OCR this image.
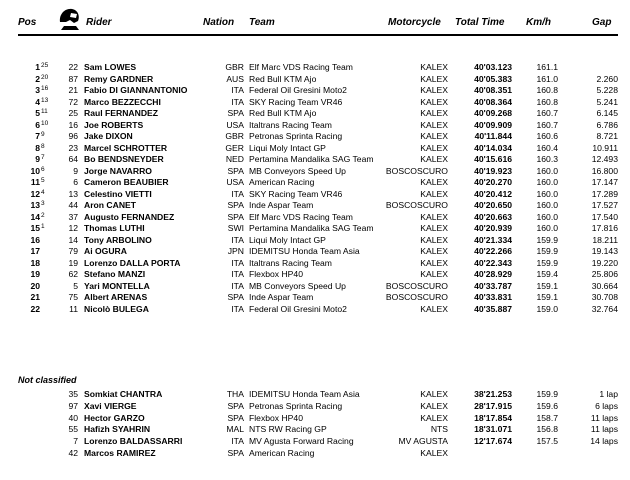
Pos	Rider	Nation Team	Motorcycle Total Time Km/h	Gap
1 25	22 Sam LOWES	GBR Elf Marc VDS Racing Team	KALEX	40'03.123	161.1
2 20	87 Remy GARDNER	AUS Red Bull KTM Ajo	KALEX	40'05.383	161.0	2.260
3 16	21 Fabio DI GIANNANTONIO	ITA Federal Oil Gresini Moto2	KALEX	40'08.351	160.8	5.228
4 13	72 Marco BEZZECCHI	ITA SKY Racing Team VR46	KALEX	40'08.364	160.8	5.241
5 11	25 Raul FERNANDEZ	SPA Red Bull KTM Ajo	KALEX	40'09.268	160.7	6.145
6 10	16 Joe ROBERTS	USA Italtrans Racing Team	KALEX	40'09.909	160.7	6.786
7 9	96 Jake DIXON	GBR Petronas Sprinta Racing	KALEX	40'11.844	160.6	8.721
8 8	23 Marcel SCHROTTER	GER Liqui Moly Intact GP	KALEX	40'14.034	160.4	10.911
9 7	64 Bo BENDSNEYDER	NED Pertamina Mandalika SAG Team	KALEX	40'15.616	160.3	12.493
10 6	9 Jorge NAVARRO	SPA MB Conveyors Speed Up	BOSCOSCURO	40'19.923	160.0	16.800
11 5	6 Cameron BEAUBIER	USA American Racing	KALEX	40'20.270	160.0	17.147
12 4	13 Celestino VIETTI	ITA SKY Racing Team VR46	KALEX	40'20.412	160.0	17.289
13 3	44 Aron CANET	SPA Inde Aspar Team	BOSCOSCURO	40'20.650	160.0	17.527
14 2	37 Augusto FERNANDEZ	SPA Elf Marc VDS Racing Team	KALEX	40'20.663	160.0	17.540
15 1	12 Thomas LUTHI	SWI Pertamina Mandalika SAG Team	KALEX	40'20.939	160.0	17.816
16	14 Tony ARBOLINO	ITA Liqui Moly Intact GP	KALEX	40'21.334	159.9	18.211
17	79 Ai OGURA	JPN IDEMITSU Honda Team Asia	KALEX	40'22.266	159.9	19.143
18	19 Lorenzo DALLA PORTA	ITA Italtrans Racing Team	KALEX	40'22.343	159.9	19.220
19	62 Stefano MANZI	ITA Flexbox HP40	KALEX	40'28.929	159.4	25.806
20	5 Yari MONTELLA	ITA MB Conveyors Speed Up	BOSCOSCURO	40'33.787	159.1	30.664
21	75 Albert ARENAS	SPA Inde Aspar Team	BOSCOSCURO	40'33.831	159.1	30.708
22	11 Nicolò BULEGA	ITA Federal Oil Gresini Moto2	KALEX	40'35.887	159.0	32.764
Not classified
35 Somkiat CHANTRA	THA IDEMITSU Honda Team Asia	KALEX	38'21.253	159.9	1 lap
97 Xavi VIERGE	SPA Petronas Sprinta Racing	KALEX	28'17.915	159.6	6 laps
40 Hector GARZO	SPA Flexbox HP40	KALEX	18'17.854	158.7	11 laps
55 Hafizh SYAHRIN	MAL NTS RW Racing GP	NTS	18'31.071	156.8	11 laps
7 Lorenzo BALDASSARRI	ITA MV Agusta Forward Racing	MV AGUSTA	12'17.674	157.5	14 laps
42 Marcos RAMIREZ	SPA American Racing	KALEX
